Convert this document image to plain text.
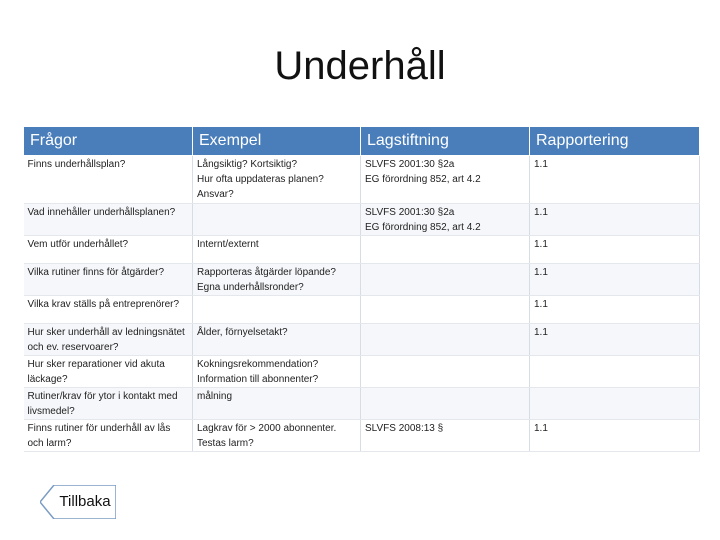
Underhåll
Frågor	Exempel	Lagstiftning	Rapportering
Finns underhållsplan?	Långsiktig? Kortsiktig?
Hur ofta uppdateras planen?
Ansvar?	SLVFS 2001:30 §2a
EG förordning 852, art 4.2	1.1
Vad innehåller underhållsplanen?		SLVFS 2001:30 §2a
EG förordning 852, art 4.2	1.1
Vem utför underhållet?	Internt/externt		1.1
Vilka rutiner finns för åtgärder?	Rapporteras åtgärder löpande?
Egna underhållsronder?		1.1
Vilka krav ställs på entreprenörer?			1.1
Hur sker underhåll av ledningsnätet och ev. reservoarer?	Ålder, förnyelsetakt?		1.1
Hur sker reparationer vid akuta läckage?	Kokningsrekommendation?
Information till abonnenter?		
Rutiner/krav för ytor i kontakt med livsmedel?	målning		
Finns rutiner för underhåll av lås och larm?	Lagkrav för > 2000 abonnenter.
Testas larm?	SLVFS 2008:13 §	1.1
Tillbaka
